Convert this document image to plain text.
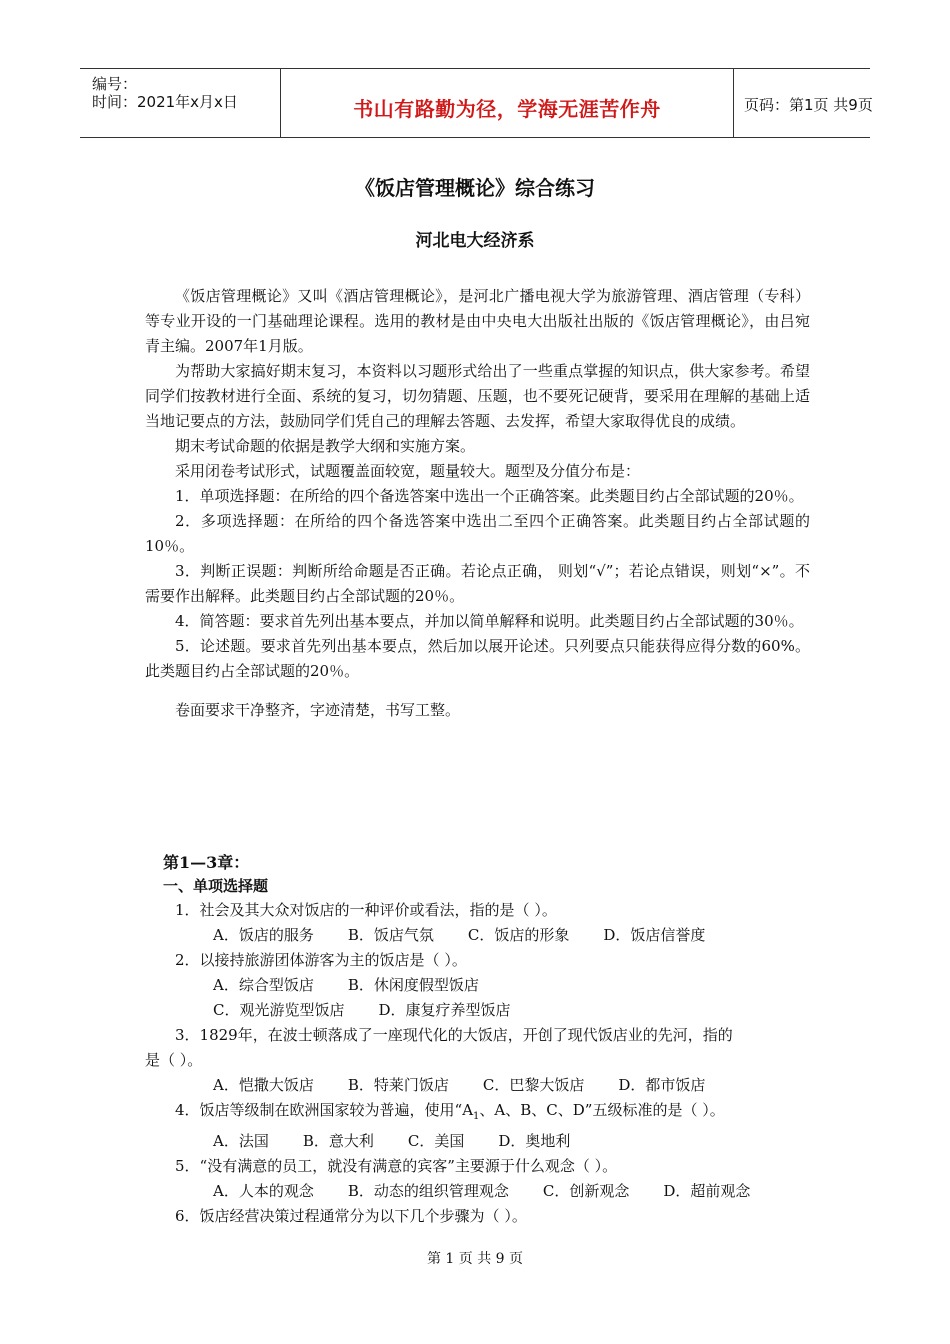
编号：
时间：2021年x月x日	书山有路勤为径，学海无涯苦作舟	页码：第1页 共9页
《饭店管理概论》综合练习
河北电大经济系

《饭店管理概论》又叫《酒店管理概论》，是河北广播电视大学为旅游管理、酒店管理（专科）等专业开设的一门基础理论课程。选用的教材是由中央电大出版社出版的《饭店管理概论》，由吕宛青主编。2007年1月版。

为帮助大家搞好期末复习，本资料以习题形式给出了一些重点掌握的知识点，供大家参考。希望同学们按教材进行全面、系统的复习，切勿猜题、压题，也不要死记硬背，要采用在理解的基础上适当地记要点的方法，鼓励同学们凭自己的理解去答题、去发挥，希望大家取得优良的成绩。

期末考试命题的依据是教学大纲和实施方案。

采用闭卷考试形式，试题覆盖面较宽，题量较大。题型及分值分布是：

1．单项选择题：在所给的四个备选答案中选出一个正确答案。此类题目约占全部试题的20％。

2．多项选择题：在所给的四个备选答案中选出二至四个正确答案。此类题目约占全部试题的10％。

3．判断正误题：判断所给命题是否正确。若论点正确， 则划“√”；若论点错误，则划“×”。不需要作出解释。此类题目约占全部试题的20％。

4．简答题：要求首先列出基本要点，并加以简单解释和说明。此类题目约占全部试题的30％。

5．论述题。要求首先列出基本要点，然后加以展开论述。只列要点只能获得应得分数的60%。此类题目约占全部试题的20％。

卷面要求干净整齐，字迹清楚，书写工整。

第1—3章：
一、单项选择题

1．社会及其大众对饭店的一种评价或看法，指的是（ ）。

A．饭店的服务 B．饭店气氛 C．饭店的形象 D．饭店信誉度

2．以接持旅游团体游客为主的饭店是（ ）。

A．综合型饭店 B．休闲度假型饭店

C．观光游览型饭店 D．康复疗养型饭店

3．1829年，在波士顿落成了一座现代化的大饭店，开创了现代饭店业的先河，指的

是（ ）。

A．恺撒大饭店 B．特莱门饭店 C．巴黎大饭店 D．都市饭店

4．饭店等级制在欧洲国家较为普遍，使用“$A_1$、A、B、C、D”五级标准的是（ ）。

A．法国 B．意大利 C．美国 D．奥地利

5．“没有满意的员工，就没有满意的宾客”主要源于什么观念（ ）。

A．人本的观念 B．动态的组织管理观念 C．创新观念 D．超前观念

6．饭店经营决策过程通常分为以下几个步骤为（ ）。

第 1 页 共 9 页
